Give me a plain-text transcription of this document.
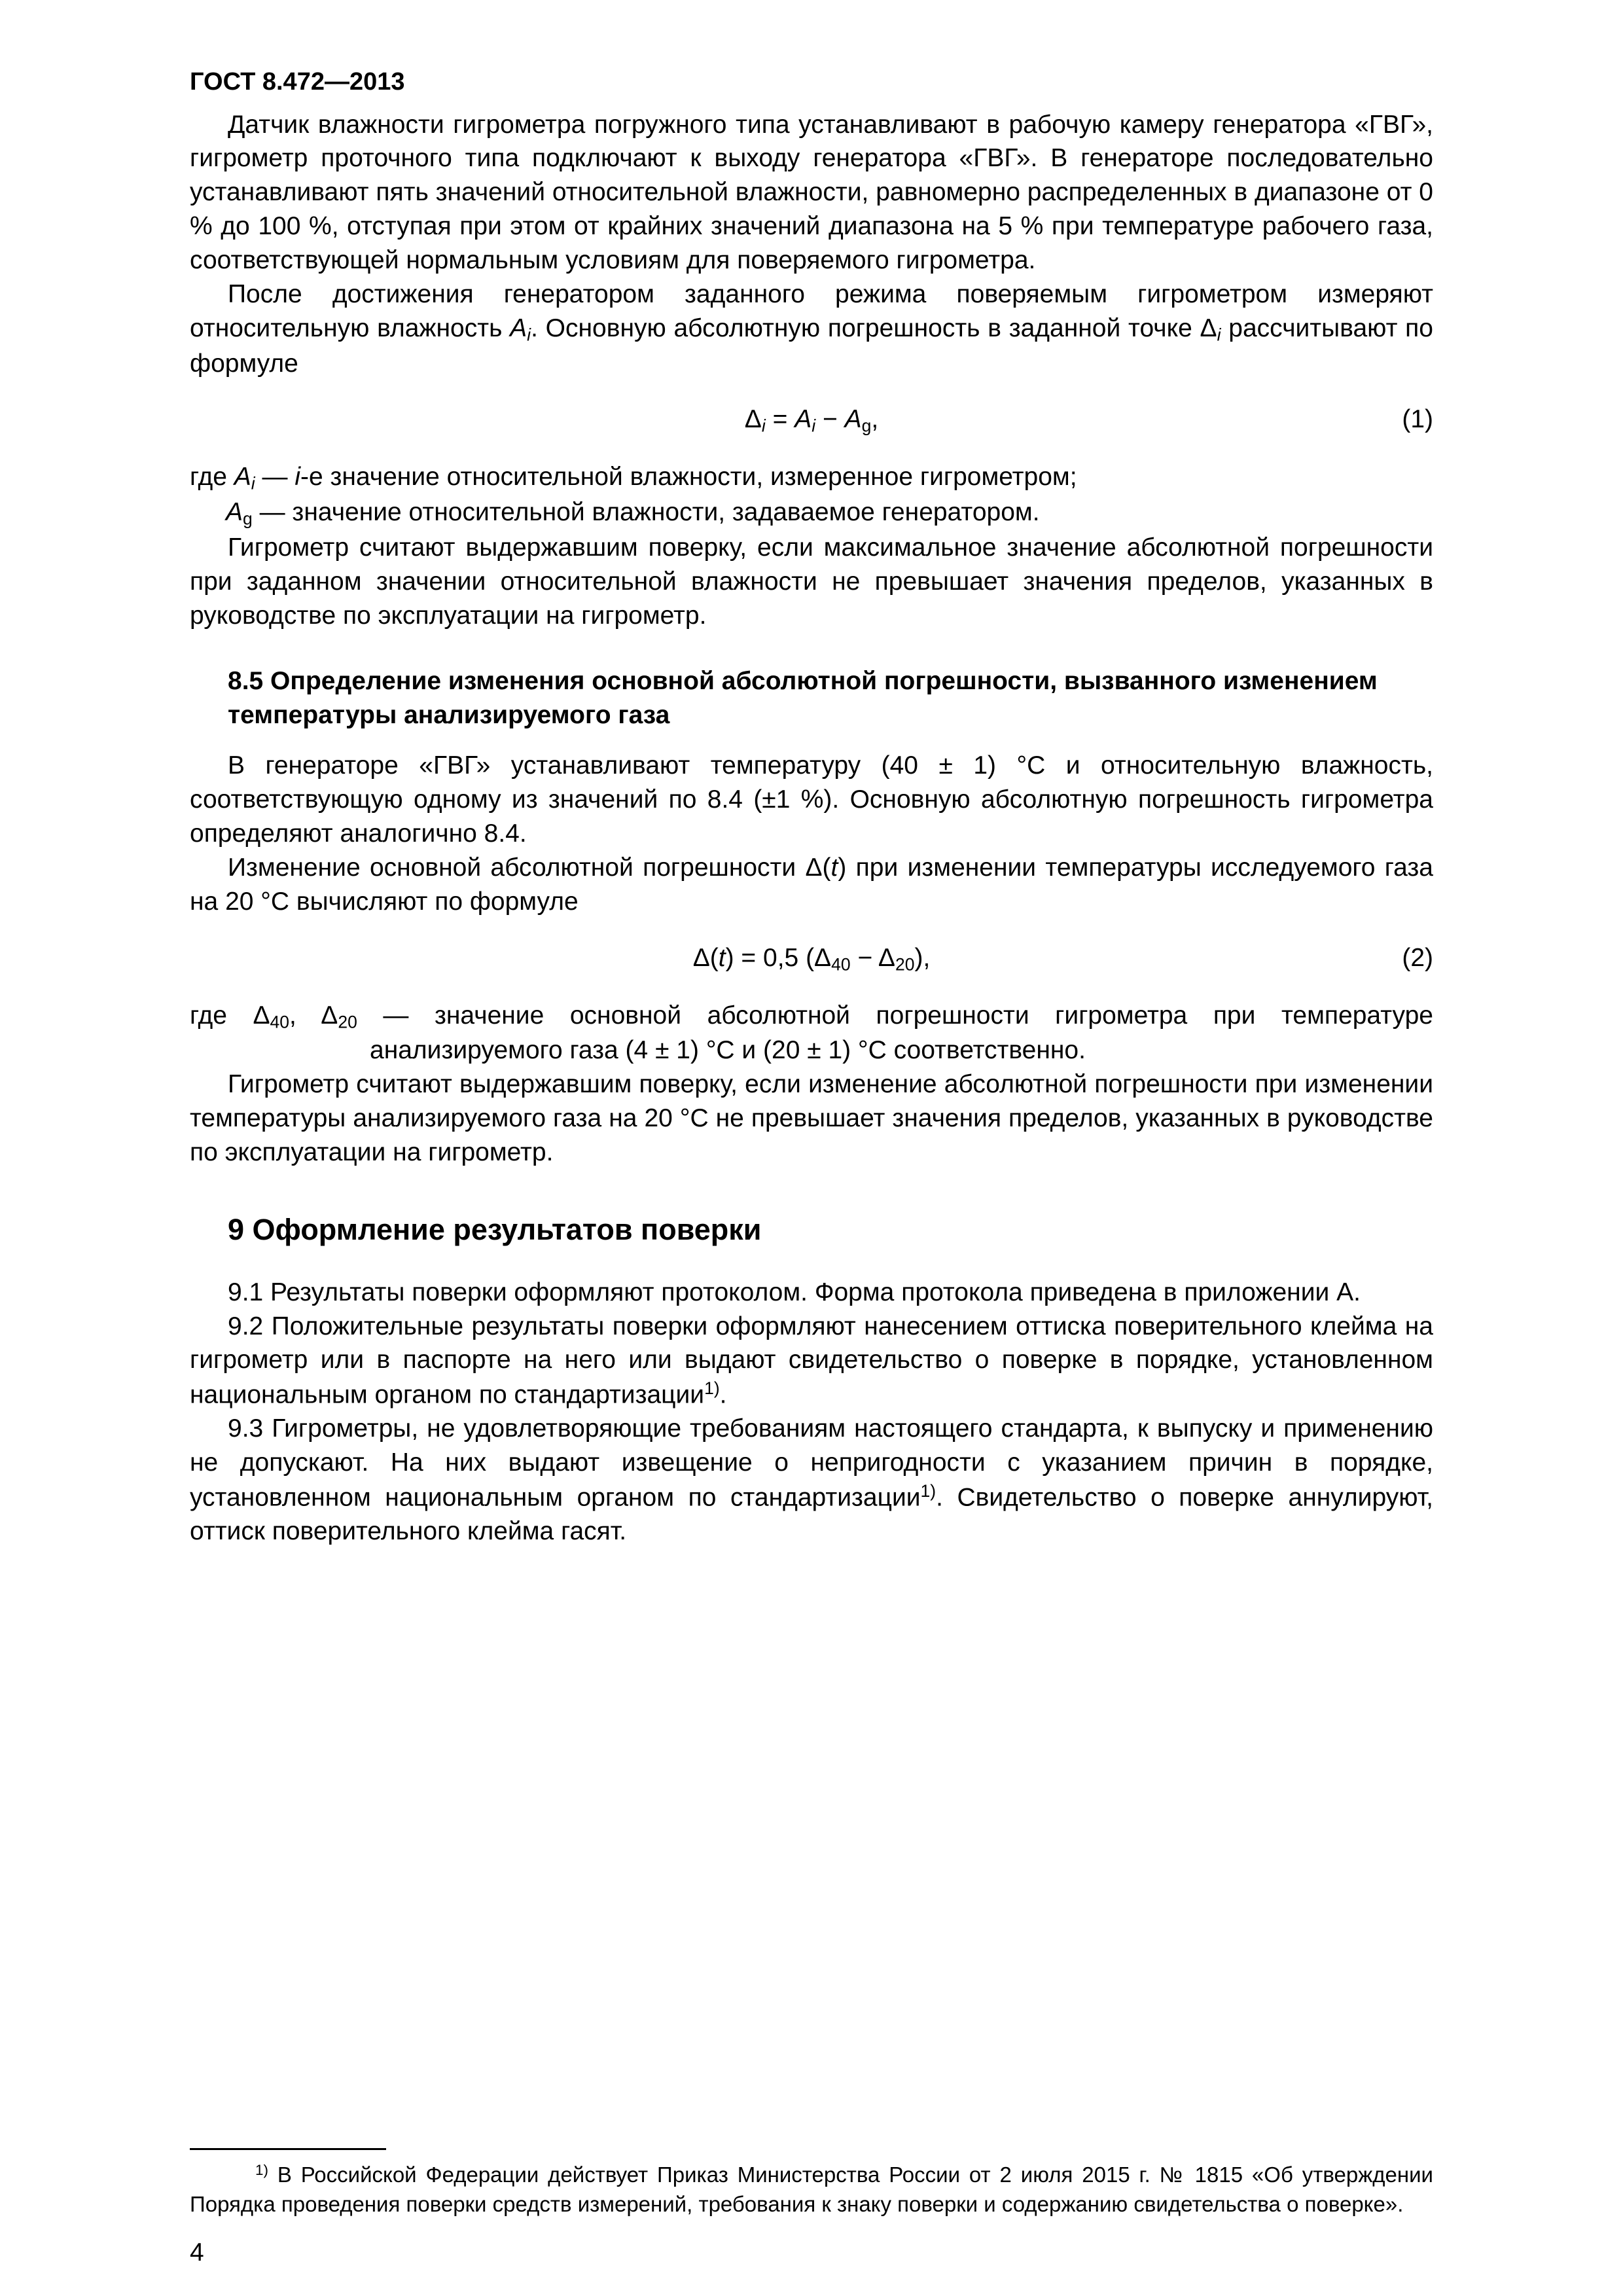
ГОСТ 8.472—2013

Датчик влажности гигрометра погружного типа устанавливают в рабочую камеру генератора «ГВГ», гигрометр проточного типа подключают к выходу генератора «ГВГ». В генераторе последовательно устанавливают пять значений относительной влажности, равномерно распределенных в диапазоне от 0 % до 100 %, отступая при этом от крайних значений диапазона на 5 % при температуре рабочего газа, соответствующей нормальным условиям для поверяемого гигрометра.

После достижения генератором заданного режима поверяемым гигрометром измеряют относительную влажность Ai. Основную абсолютную погрешность в заданной точке Δi рассчитывают по формуле

Δi = Ai − Ag,	(1)

где Ai — i-е значение относительной влажности, измеренное гигрометром;

Ag — значение относительной влажности, задаваемое генератором.

Гигрометр считают выдержавшим поверку, если максимальное значение абсолютной погрешности при заданном значении относительной влажности не превышает значения пределов, указанных в руководстве по эксплуатации на гигрометр.

8.5 Определение изменения основной абсолютной погрешности, вызванного изменением температуры анализируемого газа

В генераторе «ГВГ» устанавливают температуру (40 ± 1) °С и относительную влажность, соответствующую одному из значений по 8.4 (±1 %). Основную абсолютную погрешность гигрометра определяют аналогично 8.4.

Изменение основной абсолютной погрешности Δ(t) при изменении температуры исследуемого газа на 20 °С вычисляют по формуле

Δ(t) = 0,5 (Δ40 − Δ20),	(2)

где Δ40, Δ20 — значение основной абсолютной погрешности гигрометра при температуре анализируемого газа (4 ± 1) °С и (20 ± 1) °С соответственно.

Гигрометр считают выдержавшим поверку, если изменение абсолютной погрешности при изменении температуры анализируемого газа на 20 °С не превышает значения пределов, указанных в руководстве по эксплуатации на гигрометр.

9 Оформление результатов поверки

9.1 Результаты поверки оформляют протоколом. Форма протокола приведена в приложении А.

9.2 Положительные результаты поверки оформляют нанесением оттиска поверительного клейма на гигрометр или в паспорте на него или выдают свидетельство о поверке в порядке, установленном национальным органом по стандартизации$^{1)}$.

9.3 Гигрометры, не удовлетворяющие требованиям настоящего стандарта, к выпуску и применению не допускают. На них выдают извещение о непригодности с указанием причин в порядке, установленном национальным органом по стандартизации$^{1)}$. Свидетельство о поверке аннулируют, оттиск поверительного клейма гасят.

$^{1)}$ В Российской Федерации действует Приказ Министерства России от 2 июля 2015 г. № 1815 «Об утверждении Порядка проведения поверки средств измерений, требования к знаку поверки и содержанию свидетельства о поверке».

4
